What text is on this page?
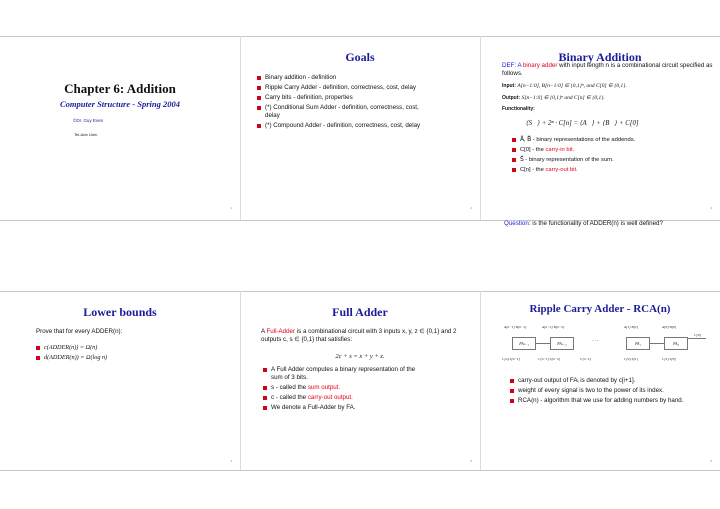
Chapter 6: Addition
Computer Structure - Spring 2004
©Dr. Guy Even
Tel-Aviv Univ.
1
Goals
Binary addition - definition
Ripple Carry Adder - definition, correctness, cost, delay
Carry bits - definition, properties
(*) Conditional Sum Adder - definition, correctness, cost, delay
(*) Compound Adder - definition, correctness, cost, delay
2
Binary Addition
DEF: A binary adder with input length n is a combinational circuit specified as follows.
Input: A[n−1:0], B[n−1:0] ∈ {0,1}ⁿ, and C[0] ∈ {0,1}.
Output: S[n−1:0] ∈ {0,1}ⁿ and C[n] ∈ {0,1}.
Functionality:
⟨S⃗⟩ + 2ⁿ · C[n] = ⟨A⃗⟩ + ⟨B⃗⟩ + C[0]
A⃗, B⃗ - binary representations of the addends.
C[0] - the carry-in bit.
S⃗ - binary representation of the sum.
C[n] - the carry-out bit.
Question: is the functionality of ADDER(n) is well defined?
3
Lower bounds
Prove that for every ADDER(n):
c(ADDER(n)) = Ω(n)
d(ADDER(n)) = Ω(log n)
4
Full Adder
A Full-Adder is a combinational circuit with 3 inputs x, y, z ∈ {0,1} and 2 outputs c, s ∈ {0,1} that satisfies:
2c + s = x + y + z.
A Full Adder computes a binary representation of the sum of 3 bits.
s - called the sum output.
c - called the carry-out output.
We denote a Full-Adder by FA.
5
Ripple Carry Adder - RCA(n)
A[n−1] B[n−1]	A[n−2] B[n−2]	A[1] B[1]	A[0] B[0]
FAₙ₋₁	FAₙ₋₂	· · ·	FA₁	FA₀
C[0]
C[n] S[n−1]	C[n−1] S[n−2]	C[n−2]	C[2] S[1]	C[1] S[0]
carry-out output of FAᵢ is denoted by c[i+1].
weight of every signal is two to the power of its index.
RCA(n) - algorithm that we use for adding numbers by hand.
6
